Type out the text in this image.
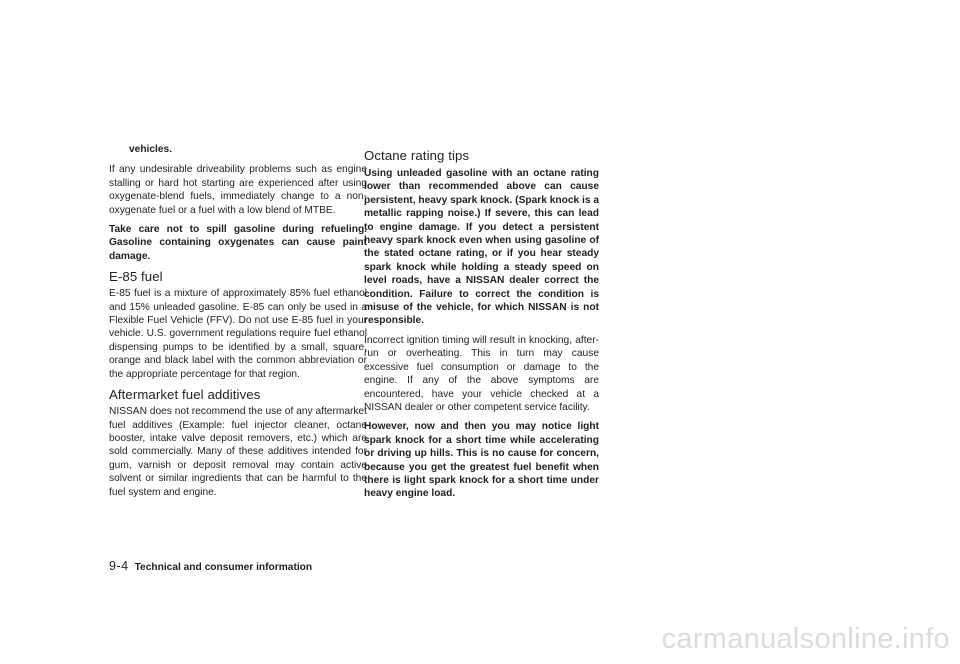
vehicles.

If any undesirable driveability problems such as engine stalling or hard hot starting are experienced after using oxygenate-blend fuels, immediately change to a non-oxygenate fuel or a fuel with a low blend of MTBE.

Take care not to spill gasoline during refueling. Gasoline containing oxygenates can cause paint damage.

E-85 fuel

E-85 fuel is a mixture of approximately 85% fuel ethanol and 15% unleaded gasoline. E-85 can only be used in a Flexible Fuel Vehicle (FFV). Do not use E-85 fuel in your vehicle. U.S. government regulations require fuel ethanol dispensing pumps to be identified by a small, square, orange and black label with the common abbreviation or the appropriate percentage for that region.

Aftermarket fuel additives

NISSAN does not recommend the use of any aftermarket fuel additives (Example: fuel injector cleaner, octane booster, intake valve deposit removers, etc.) which are sold commercially. Many of these additives intended for gum, varnish or deposit removal may contain active solvent or similar ingredients that can be harmful to the fuel system and engine.

Octane rating tips

Using unleaded gasoline with an octane rating lower than recommended above can cause persistent, heavy spark knock. (Spark knock is a metallic rapping noise.) If severe, this can lead to engine damage. If you detect a persistent heavy spark knock even when using gasoline of the stated octane rating, or if you hear steady spark knock while holding a steady speed on level roads, have a NISSAN dealer correct the condition. Failure to correct the condition is misuse of the vehicle, for which NISSAN is not responsible.

Incorrect ignition timing will result in knocking, after-run or overheating. This in turn may cause excessive fuel consumption or damage to the engine. If any of the above symptoms are encountered, have your vehicle checked at a NISSAN dealer or other competent service facility.

However, now and then you may notice light spark knock for a short time while accelerating or driving up hills. This is no cause for concern, because you get the greatest fuel benefit when there is light spark knock for a short time under heavy engine load.

9-4 Technical and consumer information
carmanualsonline.info
